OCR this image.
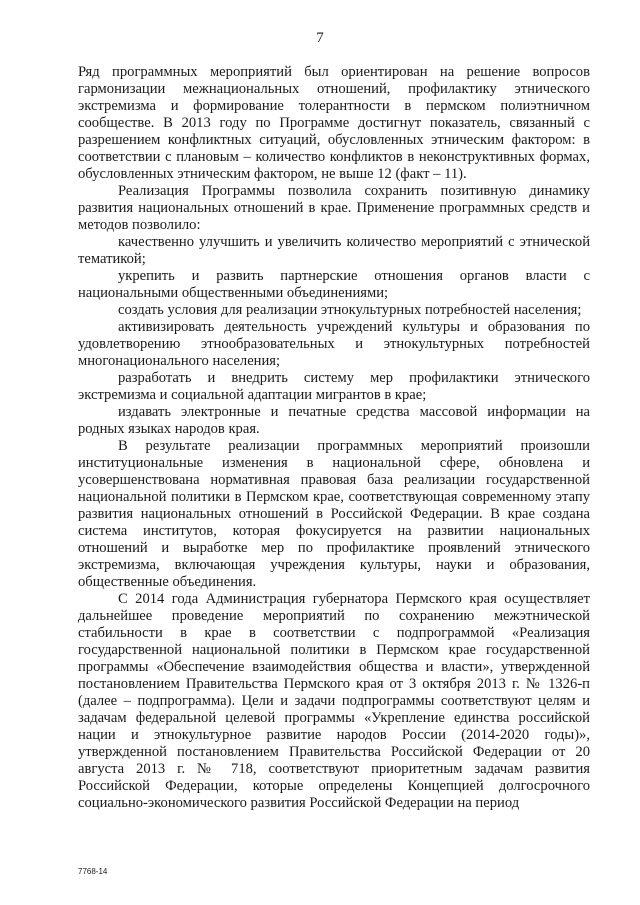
7

Ряд программных мероприятий был ориентирован на решение вопросов гармонизации межнациональных отношений, профилактику этнического экстремизма и формирование толерантности в пермском полиэтничном сообществе. В 2013 году по Программе достигнут показатель, связанный с разрешением конфликтных ситуаций, обусловленных этническим фактором: в соответствии с плановым – количество конфликтов в неконструктивных формах, обусловленных этническим фактором, не выше 12 (факт – 11).

Реализация Программы позволила сохранить позитивную динамику развития национальных отношений в крае. Применение программных средств и методов позволило:

качественно улучшить и увеличить количество мероприятий с этнической тематикой;

укрепить и развить партнерские отношения органов власти с национальными общественными объединениями;

создать условия для реализации этнокультурных потребностей населения;

активизировать деятельность учреждений культуры и образования по удовлетворению этнообразовательных и этнокультурных потребностей многонационального населения;

разработать и внедрить систему мер профилактики этнического экстремизма и социальной адаптации мигрантов в крае;

издавать электронные и печатные средства массовой информации на родных языках народов края.

В результате реализации программных мероприятий произошли институциональные изменения в национальной сфере, обновлена и усовершенствована нормативная правовая база реализации государственной национальной политики в Пермском крае, соответствующая современному этапу развития национальных отношений в Российской Федерации. В крае создана система институтов, которая фокусируется на развитии национальных отношений и выработке мер по профилактике проявлений этнического экстремизма, включающая учреждения культуры, науки и образования, общественные объединения.

С 2014 года Администрация губернатора Пермского края осуществляет дальнейшее проведение мероприятий по сохранению межэтнической стабильности в крае в соответствии с подпрограммой «Реализация государственной национальной политики в Пермском крае государственной программы «Обеспечение взаимодействия общества и власти», утвержденной постановлением Правительства Пермского края от 3 октября 2013 г. № 1326-п (далее – подпрограмма). Цели и задачи подпрограммы соответствуют целям и задачам федеральной целевой программы «Укрепление единства российской нации и этнокультурное развитие народов России (2014-2020 годы)», утвержденной постановлением Правительства Российской Федерации от 20 августа 2013 г. № 718, соответствуют приоритетным задачам развития Российской Федерации, которые определены Концепцией долгосрочного социально-экономического развития Российской Федерации на период

7768-14
